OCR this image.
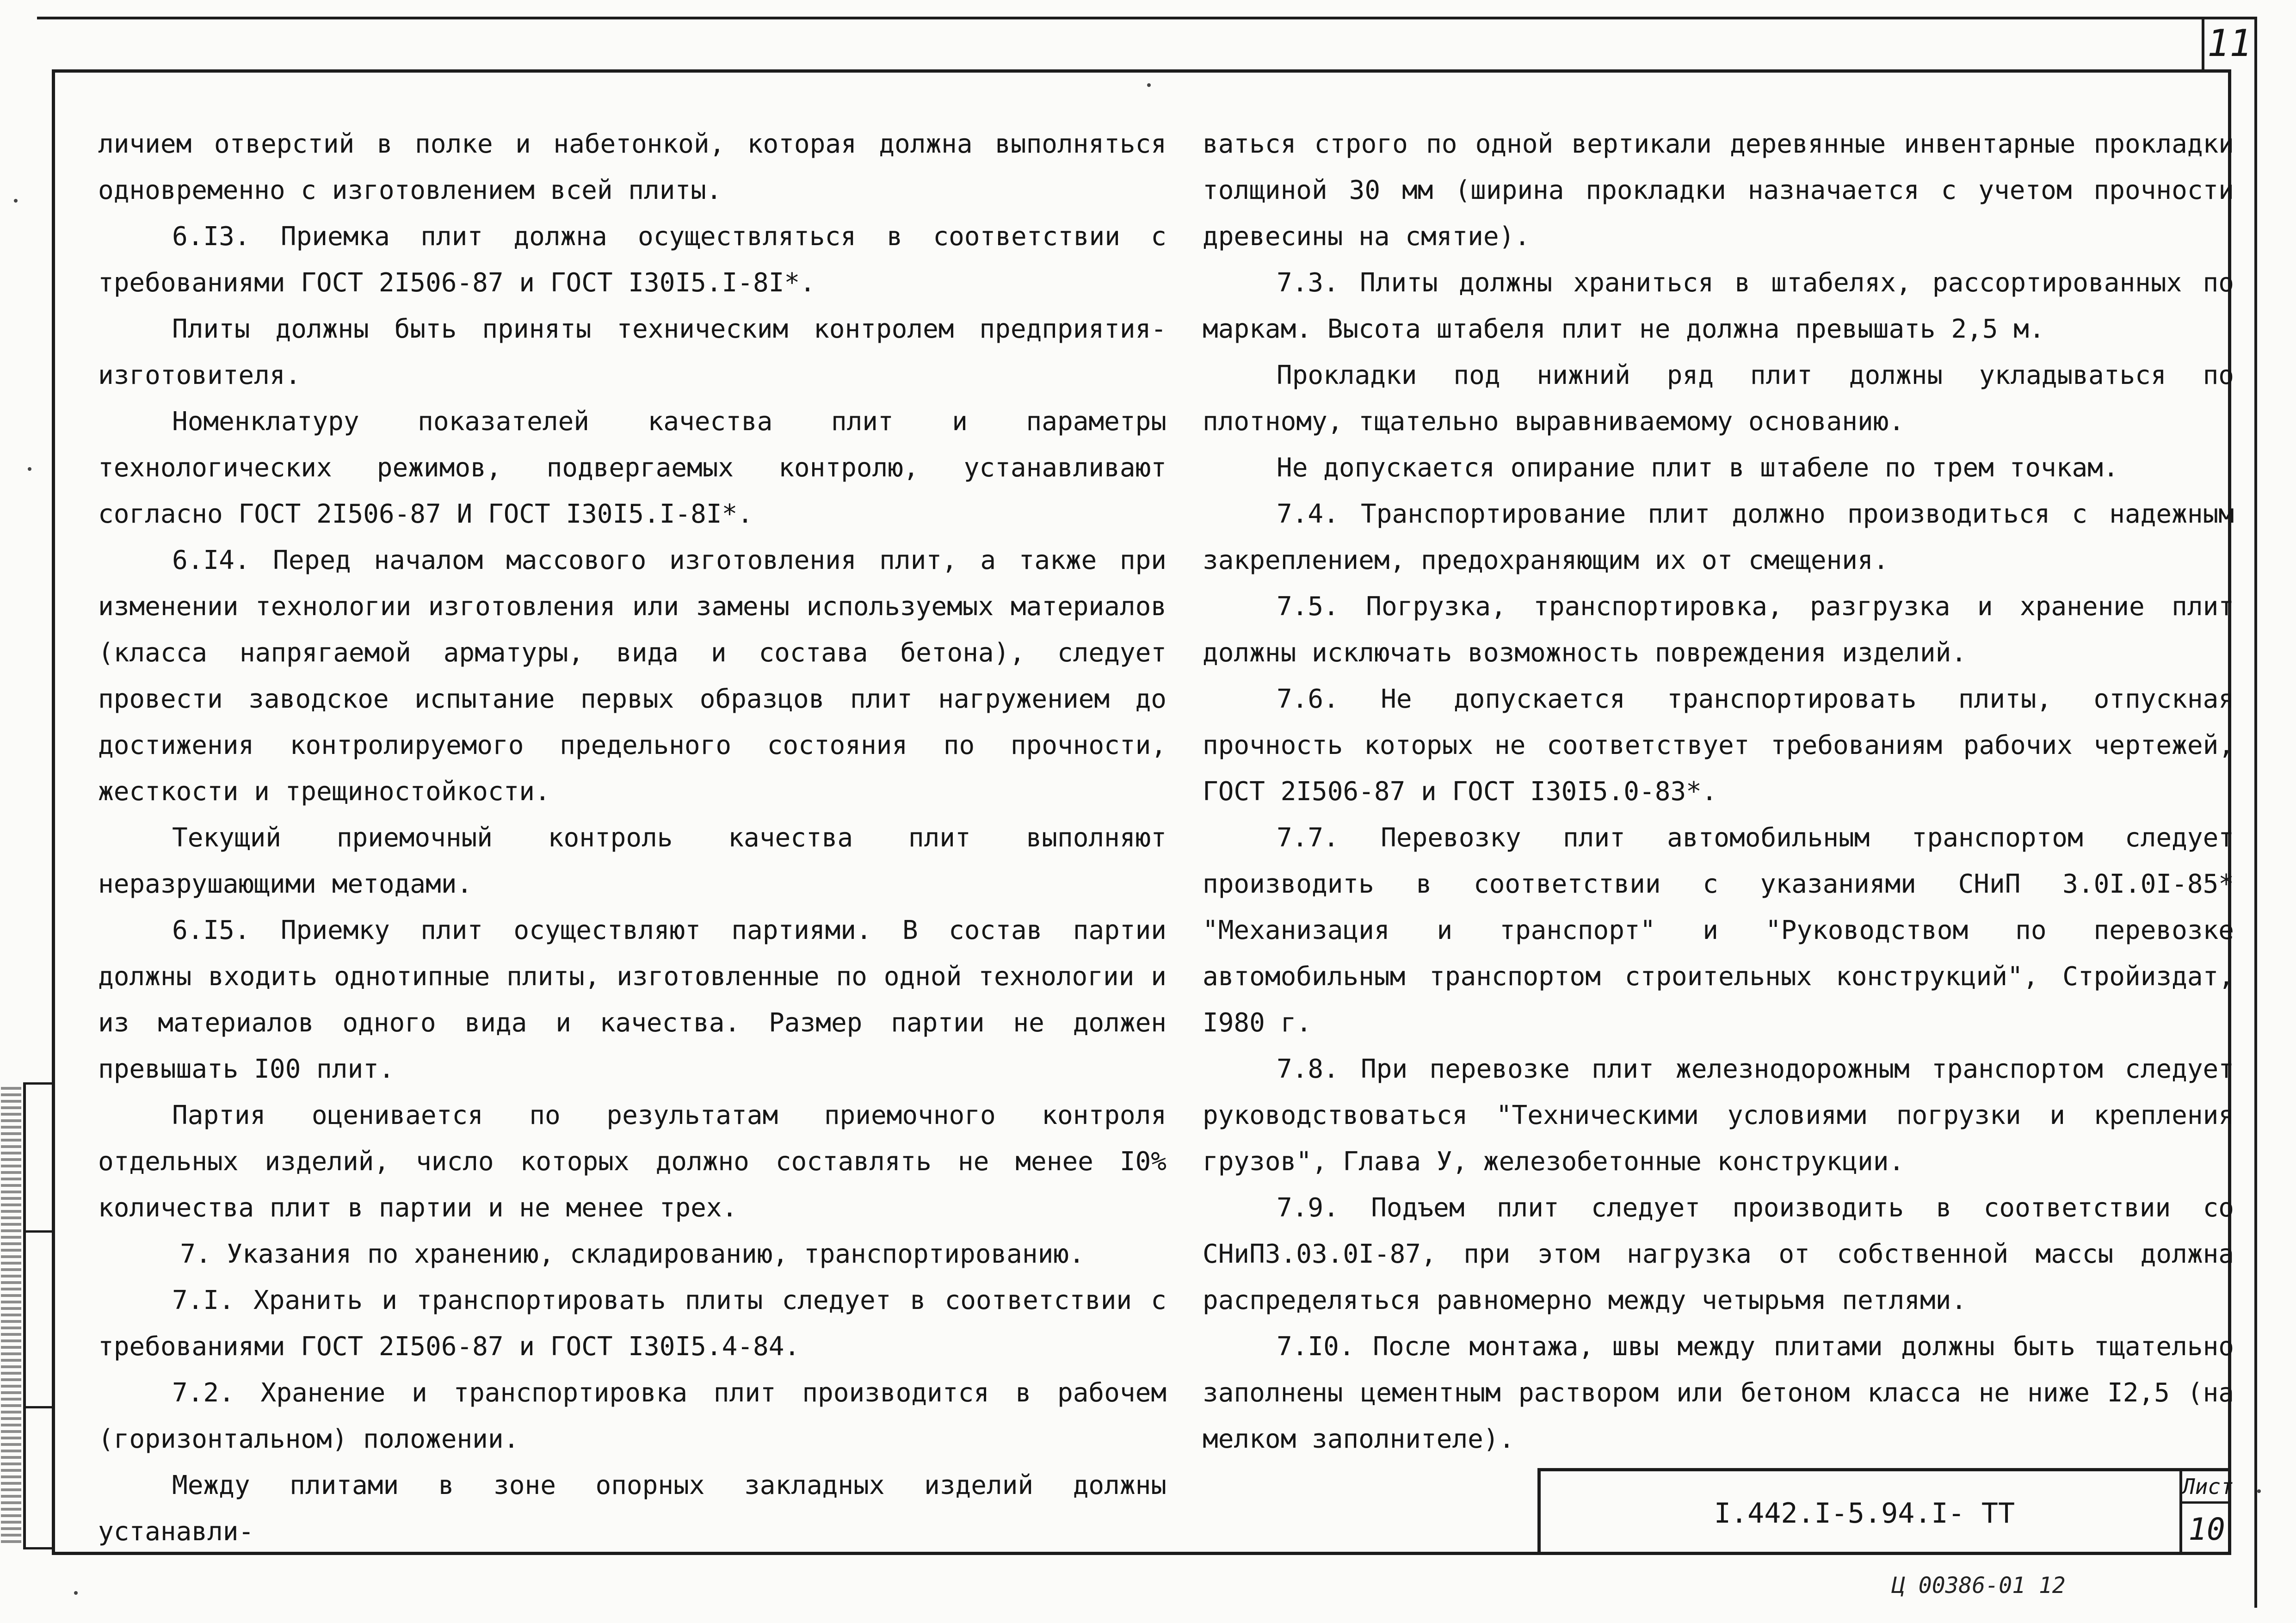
11

личием отверстий в полке и набетонкой, которая должна выполняться одновременно с изготовлением всей плиты.

6.I3. Приемка плит должна осуществляться в соответствии с требованиями ГОСТ 2I506-87 и ГОСТ I30I5.I-8I*.

Плиты должны быть приняты техническим контролем предприятия-изготовителя.

Номенклатуру показателей качества плит и параметры технологических режимов, подвергаемых контролю, устанавливают согласно ГОСТ 2I506-87 И ГОСТ I30I5.I-8I*.

6.I4. Перед началом массового изготовления плит, а также при изменении технологии изготовления или замены используемых материалов (класса напрягаемой арматуры, вида и состава бетона), следует провести заводское испытание первых образцов плит нагружением до достижения контролируемого предельного состояния по прочности, жесткости и трещиностойкости.

Текущий приемочный контроль качества плит выполняют неразрушающими методами.

6.I5. Приемку плит осуществляют партиями. В состав партии должны входить однотипные плиты, изготовленные по одной технологии и из материалов одного вида и качества. Размер партии не должен превышать I00 плит.

Партия оценивается по результатам приемочного контроля отдельных изделий, число которых должно составлять не менее I0% количества плит в партии и не менее трех.

7. Указания по хранению, складированию, транспортированию.

7.I. Хранить и транспортировать плиты следует в соответствии с требованиями ГОСТ 2I506-87 и ГОСТ I30I5.4-84.

7.2. Хранение и транспортировка плит производится в рабочем (горизонтальном) положении.

Между плитами в зоне опорных закладных изделий должны устанавли-

ваться строго по одной вертикали деревянные инвентарные прокладки толщиной 30 мм (ширина прокладки назначается с учетом прочности древесины на смятие).

7.3. Плиты должны храниться в штабелях, рассортированных по маркам. Высота штабеля плит не должна превышать 2,5 м.

Прокладки под нижний ряд плит должны укладываться по плотному, тщательно выравниваемому основанию.

Не допускается опирание плит в штабеле по трем точкам.

7.4. Транспортирование плит должно производиться с надежным закреплением, предохраняющим их от смещения.

7.5. Погрузка, транспортировка, разгрузка и хранение плит должны исключать возможность повреждения изделий.

7.6. Не допускается транспортировать плиты, отпускная прочность которых не соответствует требованиям рабочих чертежей, ГОСТ 2I506-87 и ГОСТ I30I5.0-83*.

7.7. Перевозку плит автомобильным транспортом следует производить в соответствии с указаниями СНиП 3.0I.0I-85* "Механизация и транспорт" и "Руководством по перевозке автомобильным транспортом строительных конструкций", Стройиздат, I980 г.

7.8. При перевозке плит железнодорожным транспортом следует руководствоваться "Техническими условиями погрузки и крепления грузов", Глава У, железобетонные конструкции.

7.9. Подъем плит следует производить в соответствии со СНиП3.03.0I-87, при этом нагрузка от собственной массы должна распределяться равномерно между четырьмя петлями.

7.I0. После монтажа, швы между плитами должны быть тщательно заполнены цементным раствором или бетоном класса не ниже I2,5 (на мелком заполнителе).

I.442.I-5.94.I- ТТ
Лист
10
Ц 00386-01 12
